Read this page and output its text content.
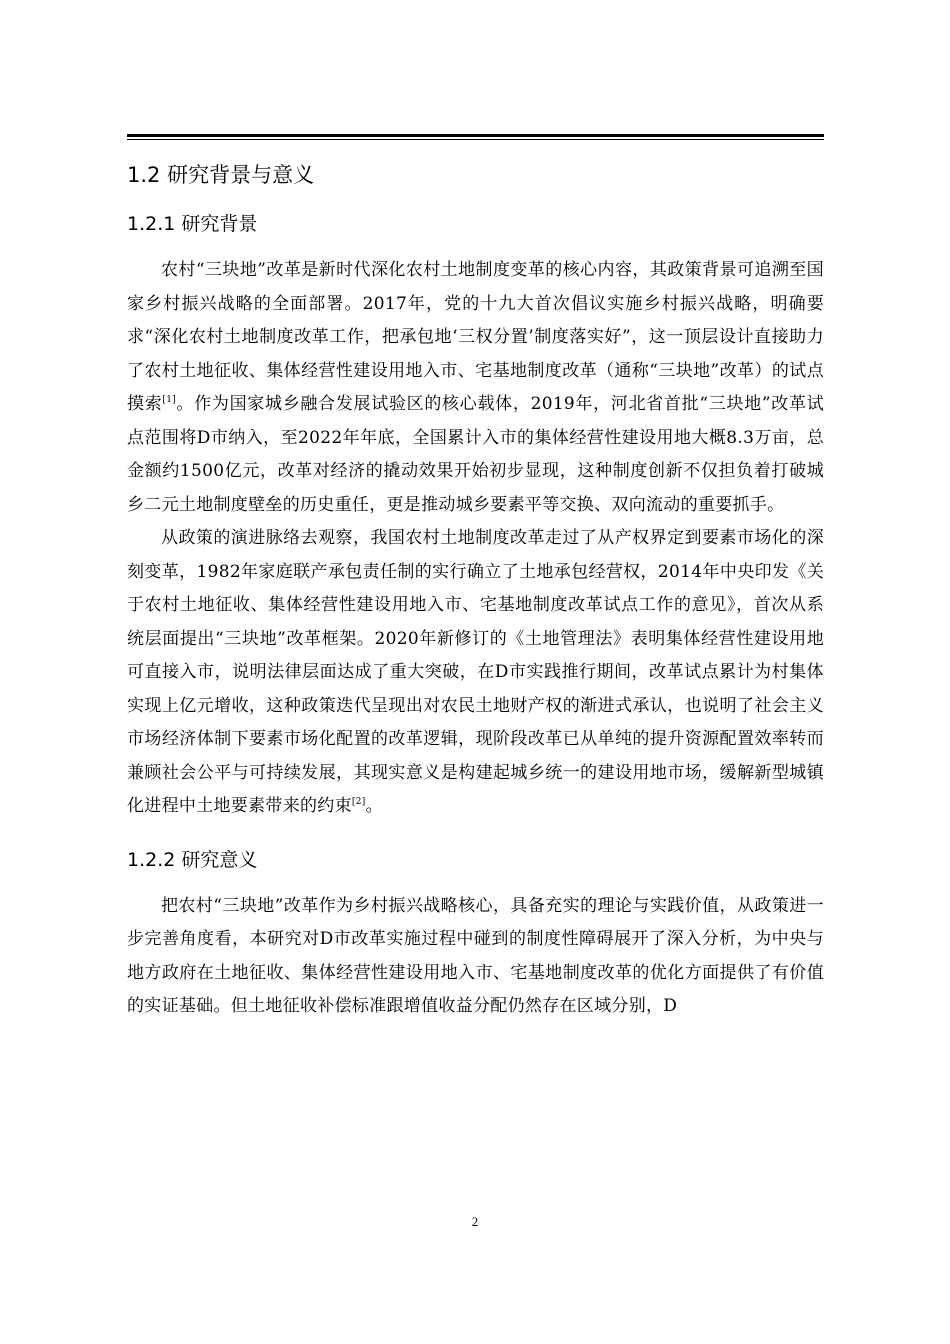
1.2 研究背景与意义
1.2.1 研究背景

农村“三块地”改革是新时代深化农村土地制度变革的核心内容，其政策背景可追溯至国家乡村振兴战略的全面部署。2017年，党的十九大首次倡议实施乡村振兴战略，明确要求“深化农村土地制度改革工作，把承包地‘三权分置’制度落实好”，这一顶层设计直接助力了农村土地征收、集体经营性建设用地入市、宅基地制度改革（通称“三块地”改革）的试点摸索[1]。作为国家城乡融合发展试验区的核心载体，2019年，河北省首批“三块地”改革试点范围将D市纳入，至2022年年底，全国累计入市的集体经营性建设用地大概8.3万亩，总金额约1500亿元，改革对经济的撬动效果开始初步显现，这种制度创新不仅担负着打破城乡二元土地制度壁垒的历史重任，更是推动城乡要素平等交换、双向流动的重要抓手。

从政策的演进脉络去观察，我国农村土地制度改革走过了从产权界定到要素市场化的深刻变革，1982年家庭联产承包责任制的实行确立了土地承包经营权，2014年中央印发《关于农村土地征收、集体经营性建设用地入市、宅基地制度改革试点工作的意见》，首次从系统层面提出“三块地”改革框架。2020年新修订的《土地管理法》表明集体经营性建设用地可直接入市，说明法律层面达成了重大突破，在D市实践推行期间，改革试点累计为村集体实现上亿元增收，这种政策迭代呈现出对农民土地财产权的渐进式承认，也说明了社会主义市场经济体制下要素市场化配置的改革逻辑，现阶段改革已从单纯的提升资源配置效率转而兼顾社会公平与可持续发展，其现实意义是构建起城乡统一的建设用地市场，缓解新型城镇化进程中土地要素带来的约束[2]。

1.2.2 研究意义

把农村“三块地”改革作为乡村振兴战略核心，具备充实的理论与实践价值，从政策进一步完善角度看，本研究对D市改革实施过程中碰到的制度性障碍展开了深入分析，为中央与地方政府在土地征收、集体经营性建设用地入市、宅基地制度改革的优化方面提供了有价值的实证基础。但土地征收补偿标准跟增值收益分配仍然存在区域分别，D

2
